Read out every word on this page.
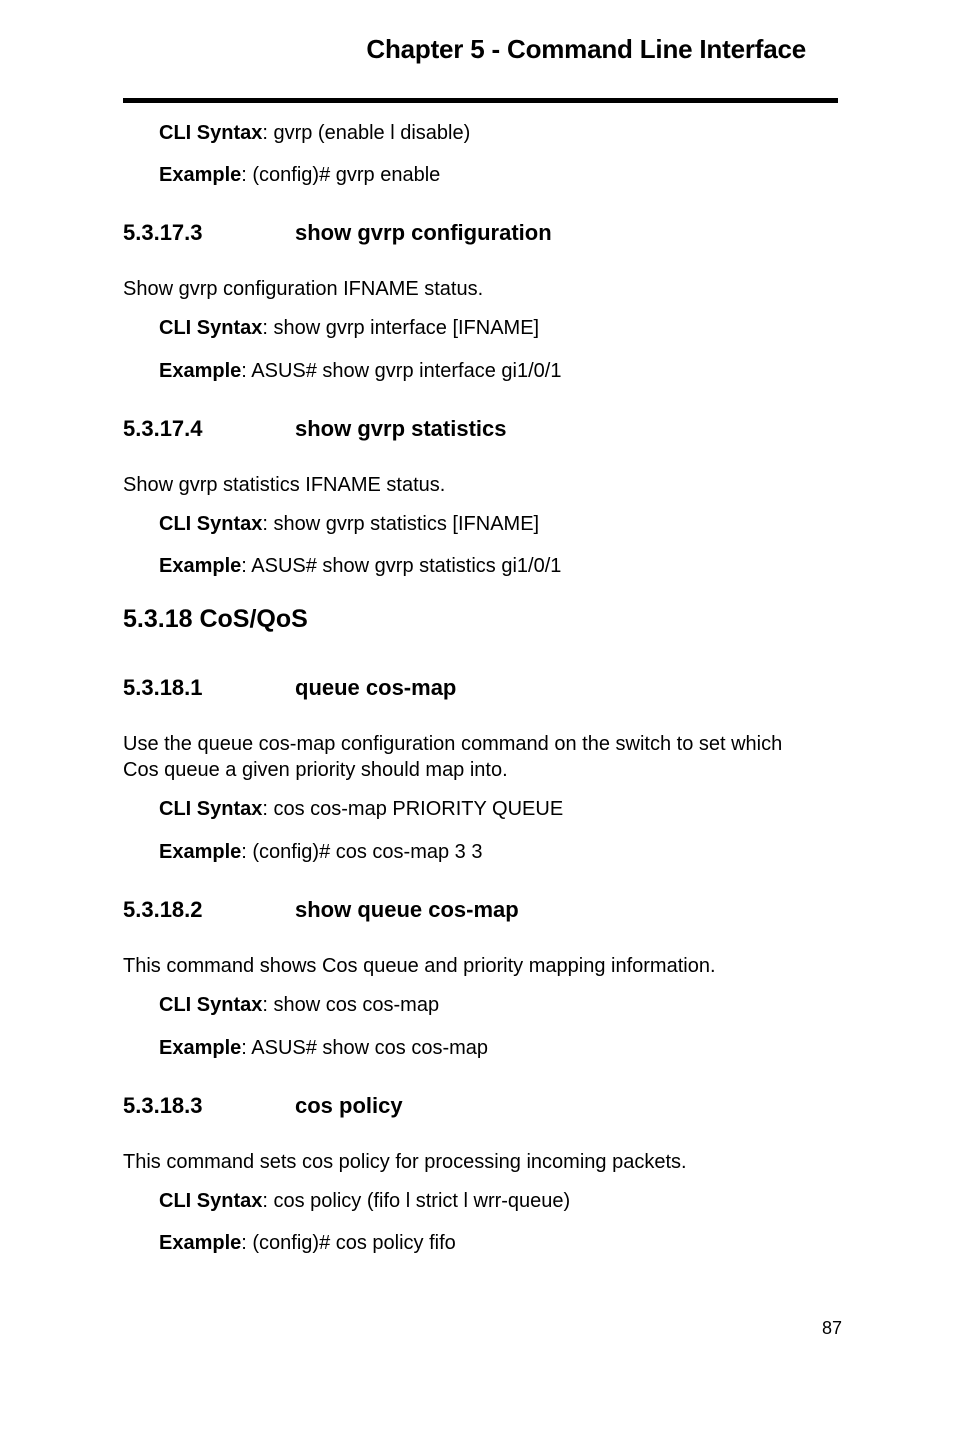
Chapter 5 - Command Line Interface
CLI Syntax: gvrp (enable l disable)
Example: (config)# gvrp enable
5.3.17.3	show gvrp configuration
Show gvrp configuration IFNAME status.
CLI Syntax: show gvrp interface [IFNAME]
Example: ASUS# show gvrp interface gi1/0/1
5.3.17.4	show gvrp statistics
Show gvrp statistics IFNAME status.
CLI Syntax: show gvrp statistics [IFNAME]
Example: ASUS# show gvrp statistics gi1/0/1
5.3.18 CoS/QoS
5.3.18.1	queue cos-map
Use the queue cos-map configuration command on the switch to set which
Cos queue a given priority should map into.
CLI Syntax: cos cos-map PRIORITY QUEUE
Example: (config)# cos cos-map 3 3
5.3.18.2	show queue cos-map
This command shows Cos queue and priority mapping information.
CLI Syntax: show cos cos-map
Example: ASUS# show cos cos-map
5.3.18.3	cos policy
This command sets cos policy for processing incoming packets.
CLI Syntax: cos policy (fifo l strict l wrr-queue)
Example: (config)# cos policy fifo
87
